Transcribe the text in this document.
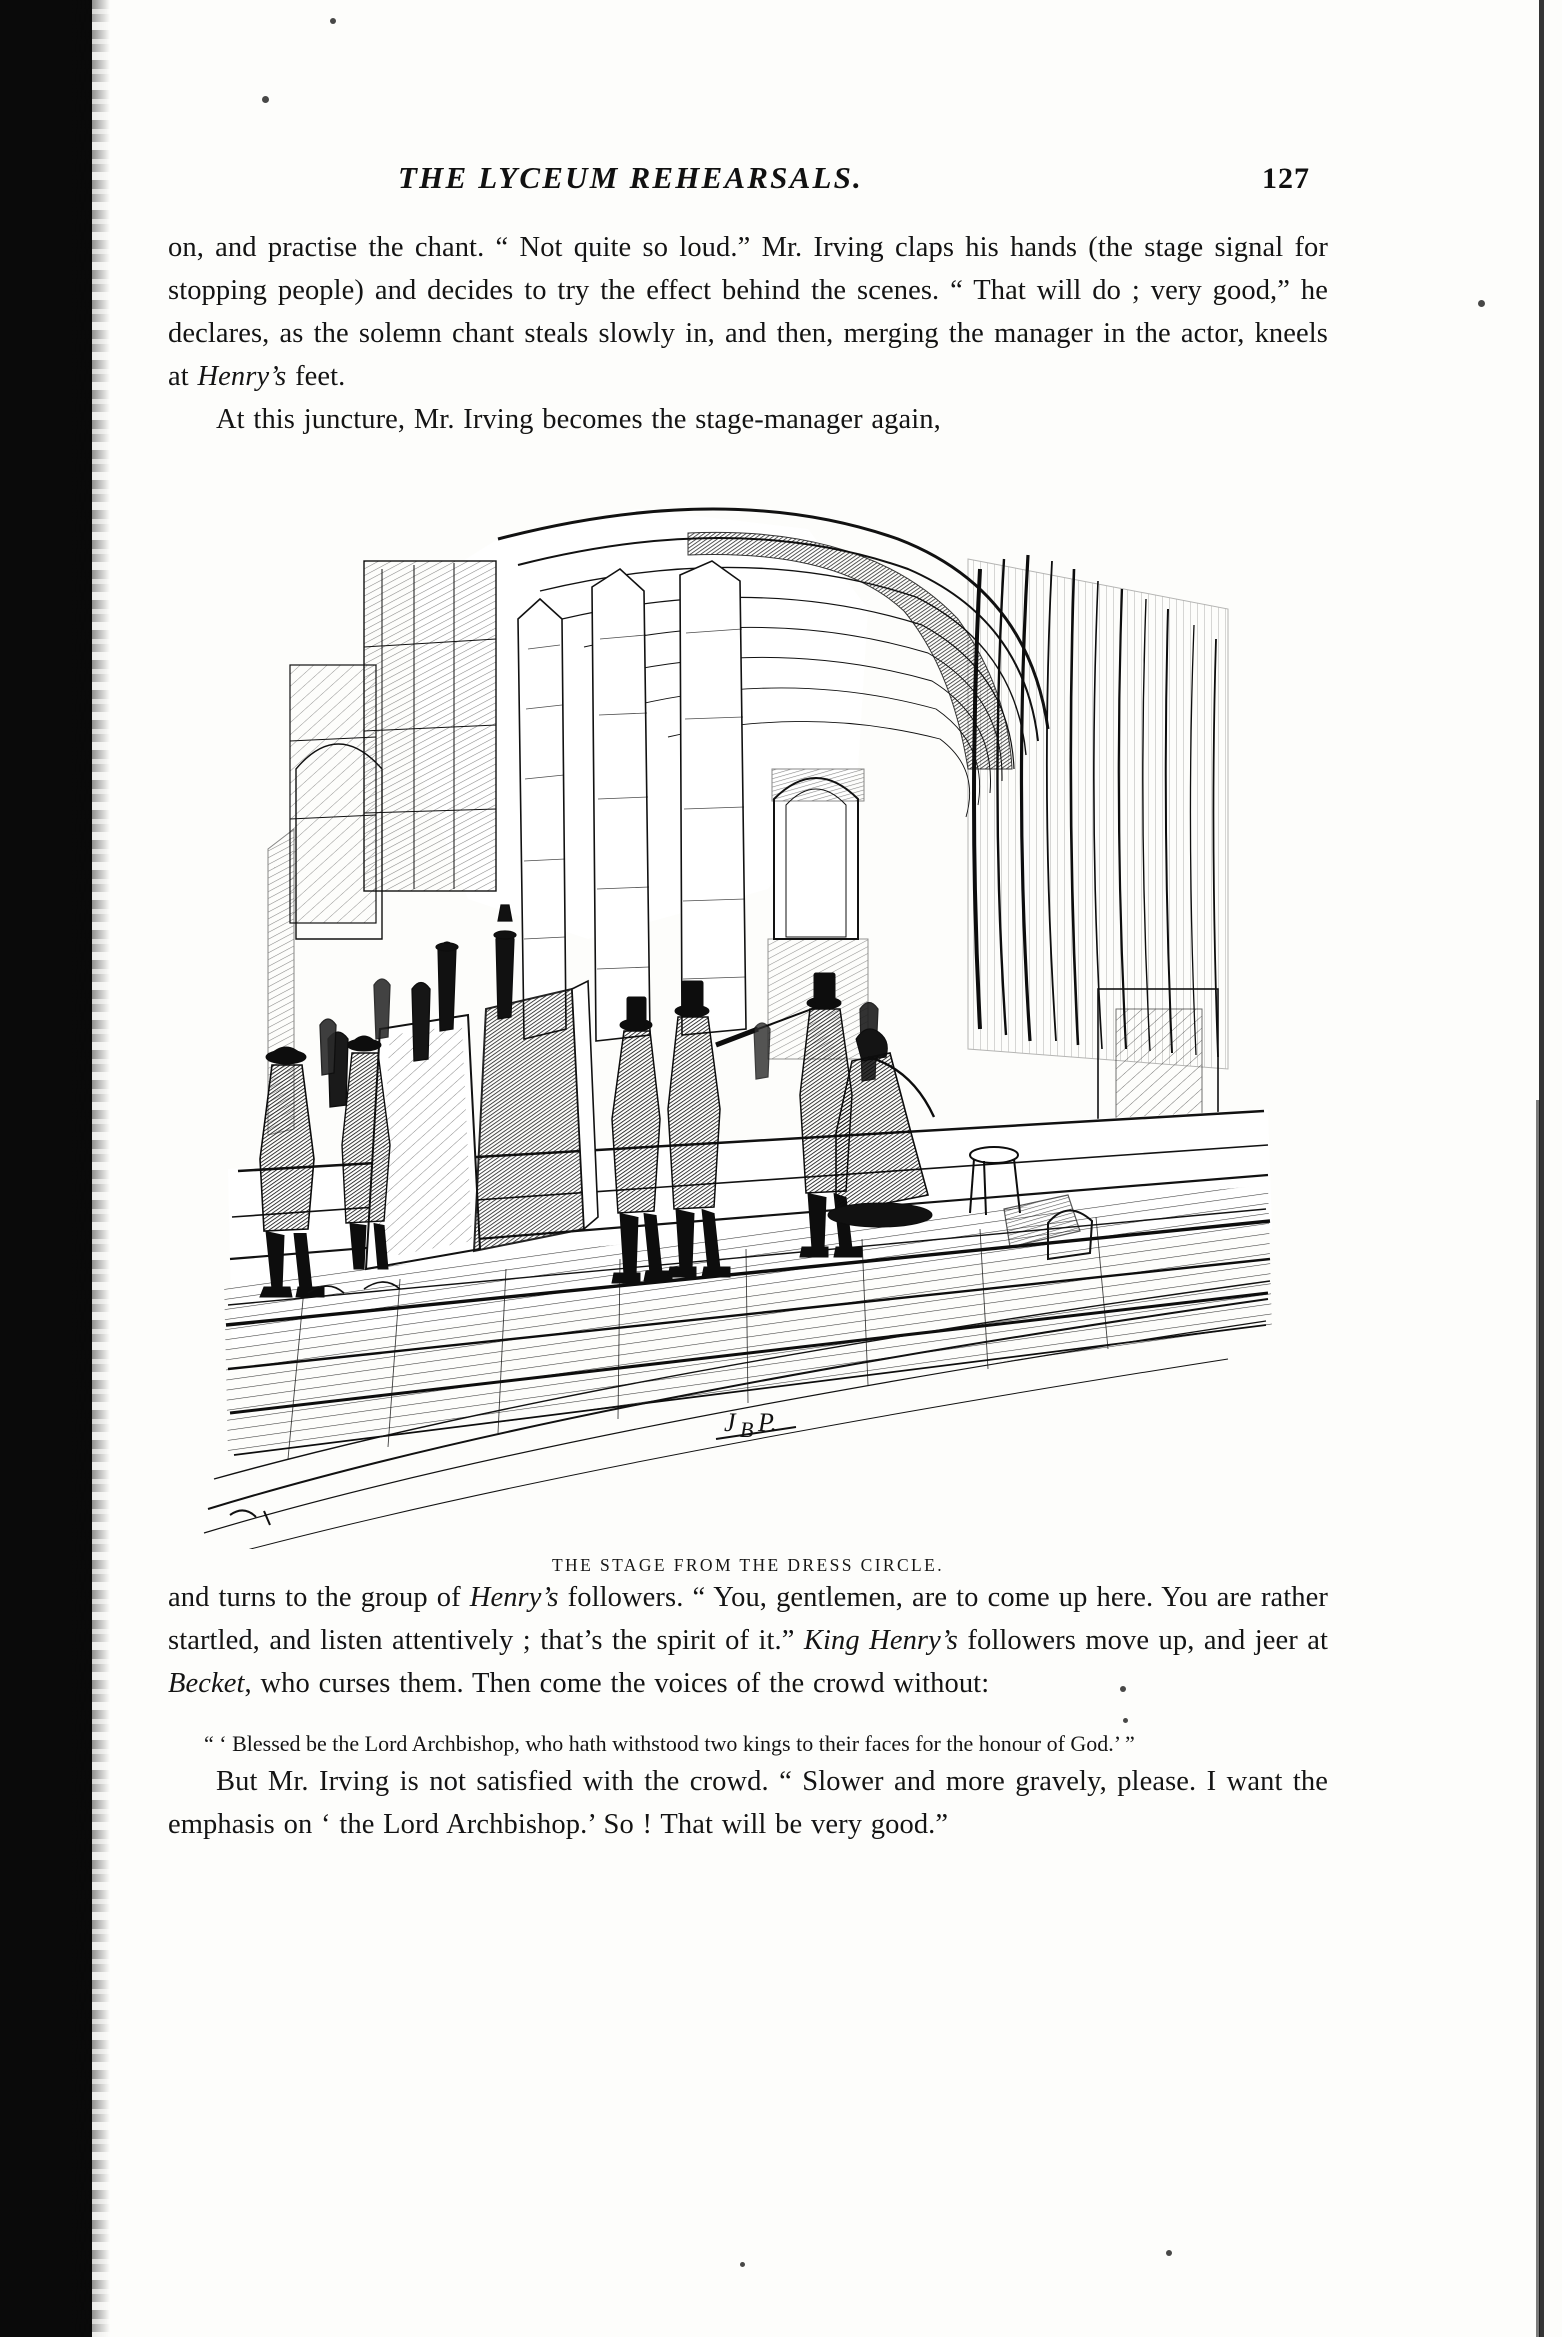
THE LYCEUM REHEARSALS.	127

on, and practise the chant. “ Not quite so loud.” Mr. Irving claps his hands (the stage signal for stopping people) and decides to try the effect behind the scenes. “ That will do ; very good,” he declares, as the solemn chant steals slowly in, and then, merging the manager in the actor, kneels at Henry’s feet.

At this juncture, Mr. Irving becomes the stage-manager again,

J B P.
THE STAGE FROM THE DRESS CIRCLE.

and turns to the group of Henry’s followers. “ You, gentlemen, are to come up here. You are rather startled, and listen attentively ; that’s the spirit of it.” King Henry’s followers move up, and jeer at Becket, who curses them. Then come the voices of the crowd without:

“ ‘ Blessed be the Lord Archbishop, who hath withstood two kings to their faces for the honour of God.’ ”

But Mr. Irving is not satisfied with the crowd. “ Slower and more gravely, please. I want the emphasis on ‘ the Lord Archbishop.’ So ! That will be very good.”
